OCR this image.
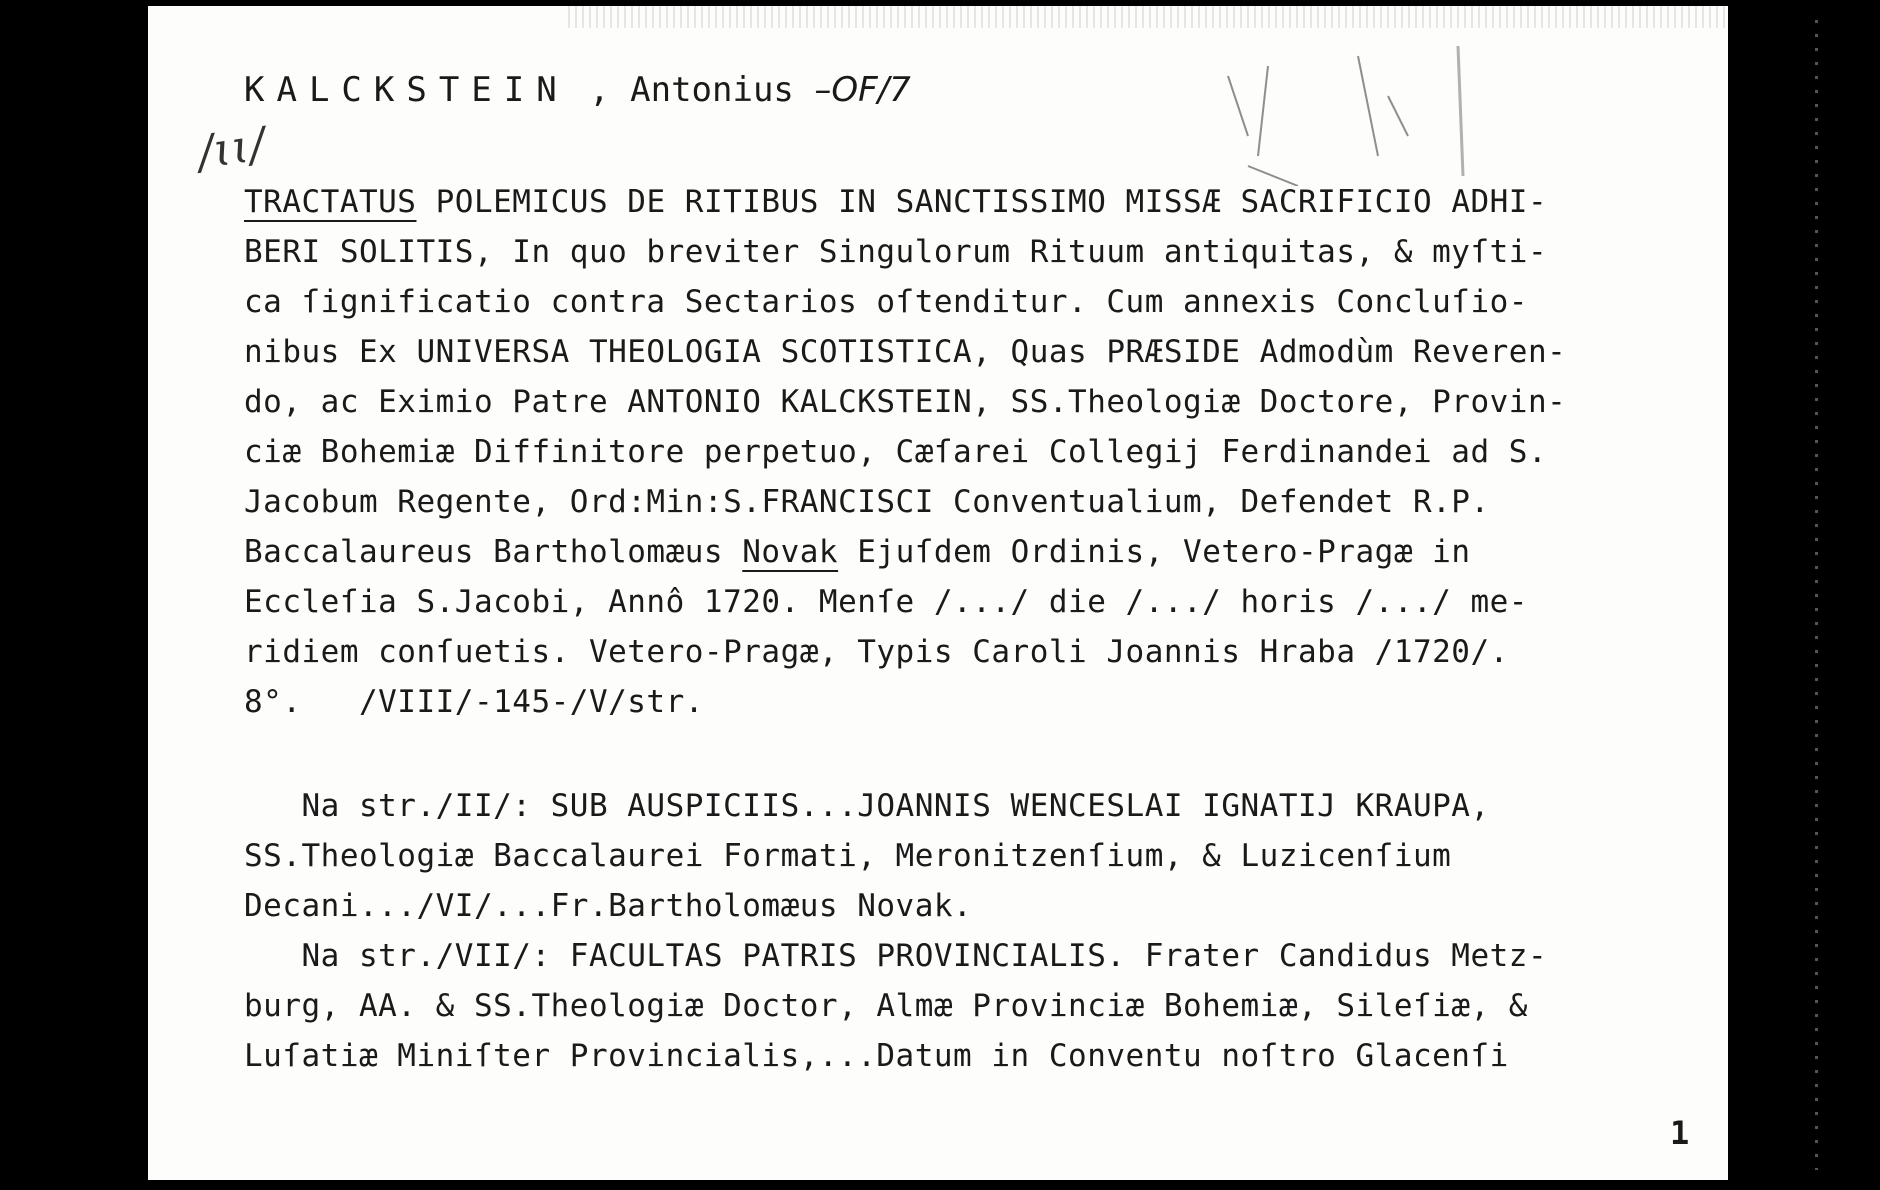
/ɩɩ/
KALCKSTEIN , Antonius –OF/7
TRACTATUS POLEMICUS DE RITIBUS IN SANCTISSIMO MISSÆ SACRIFICIO ADHI-
BERI SOLITIS, In quo breviter Singulorum Rituum antiquitas, & myſti-
ca ſignificatio contra Sectarios oſtenditur. Cum annexis Concluſio-
nibus Ex UNIVERSA THEOLOGIA SCOTISTICA, Quas PRÆSIDE Admodùm Reveren-
do, ac Eximio Patre ANTONIO KALCKSTEIN, SS.Theologiæ Doctore, Provin-
ciæ Bohemiæ Diffinitore perpetuo, Cæſarei Collegij Ferdinandei ad S.
Jacobum Regente, Ord:Min:S.FRANCISCI Conventualium, Defendet R.P.
Baccalaureus Bartholomæus Novak Ejuſdem Ordinis, Vetero-Pragæ in
Eccleſia S.Jacobi, Annô 1720. Menſe /.../ die /.../ horis /.../ me-
ridiem conſuetis. Vetero-Pragæ, Typis Caroli Joannis Hraba /1720/.
8°.   /VIII/-145-/V/str.
Na str./II/: SUB AUSPICIIS...JOANNIS WENCESLAI IGNATIJ KRAUPA,
SS.Theologiæ Baccalaurei Formati, Meronitzenſium, & Luzicenſium
Decani.../VI/...Fr.Bartholomæus Novak.
Na str./VII/: FACULTAS PATRIS PROVINCIALIS. Frater Candidus Metz-
burg, AA. & SS.Theologiæ Doctor, Almæ Provinciæ Bohemiæ, Sileſiæ, &
Luſatiæ Miniſter Provincialis,...Datum in Conventu noſtro Glacenſi
1
